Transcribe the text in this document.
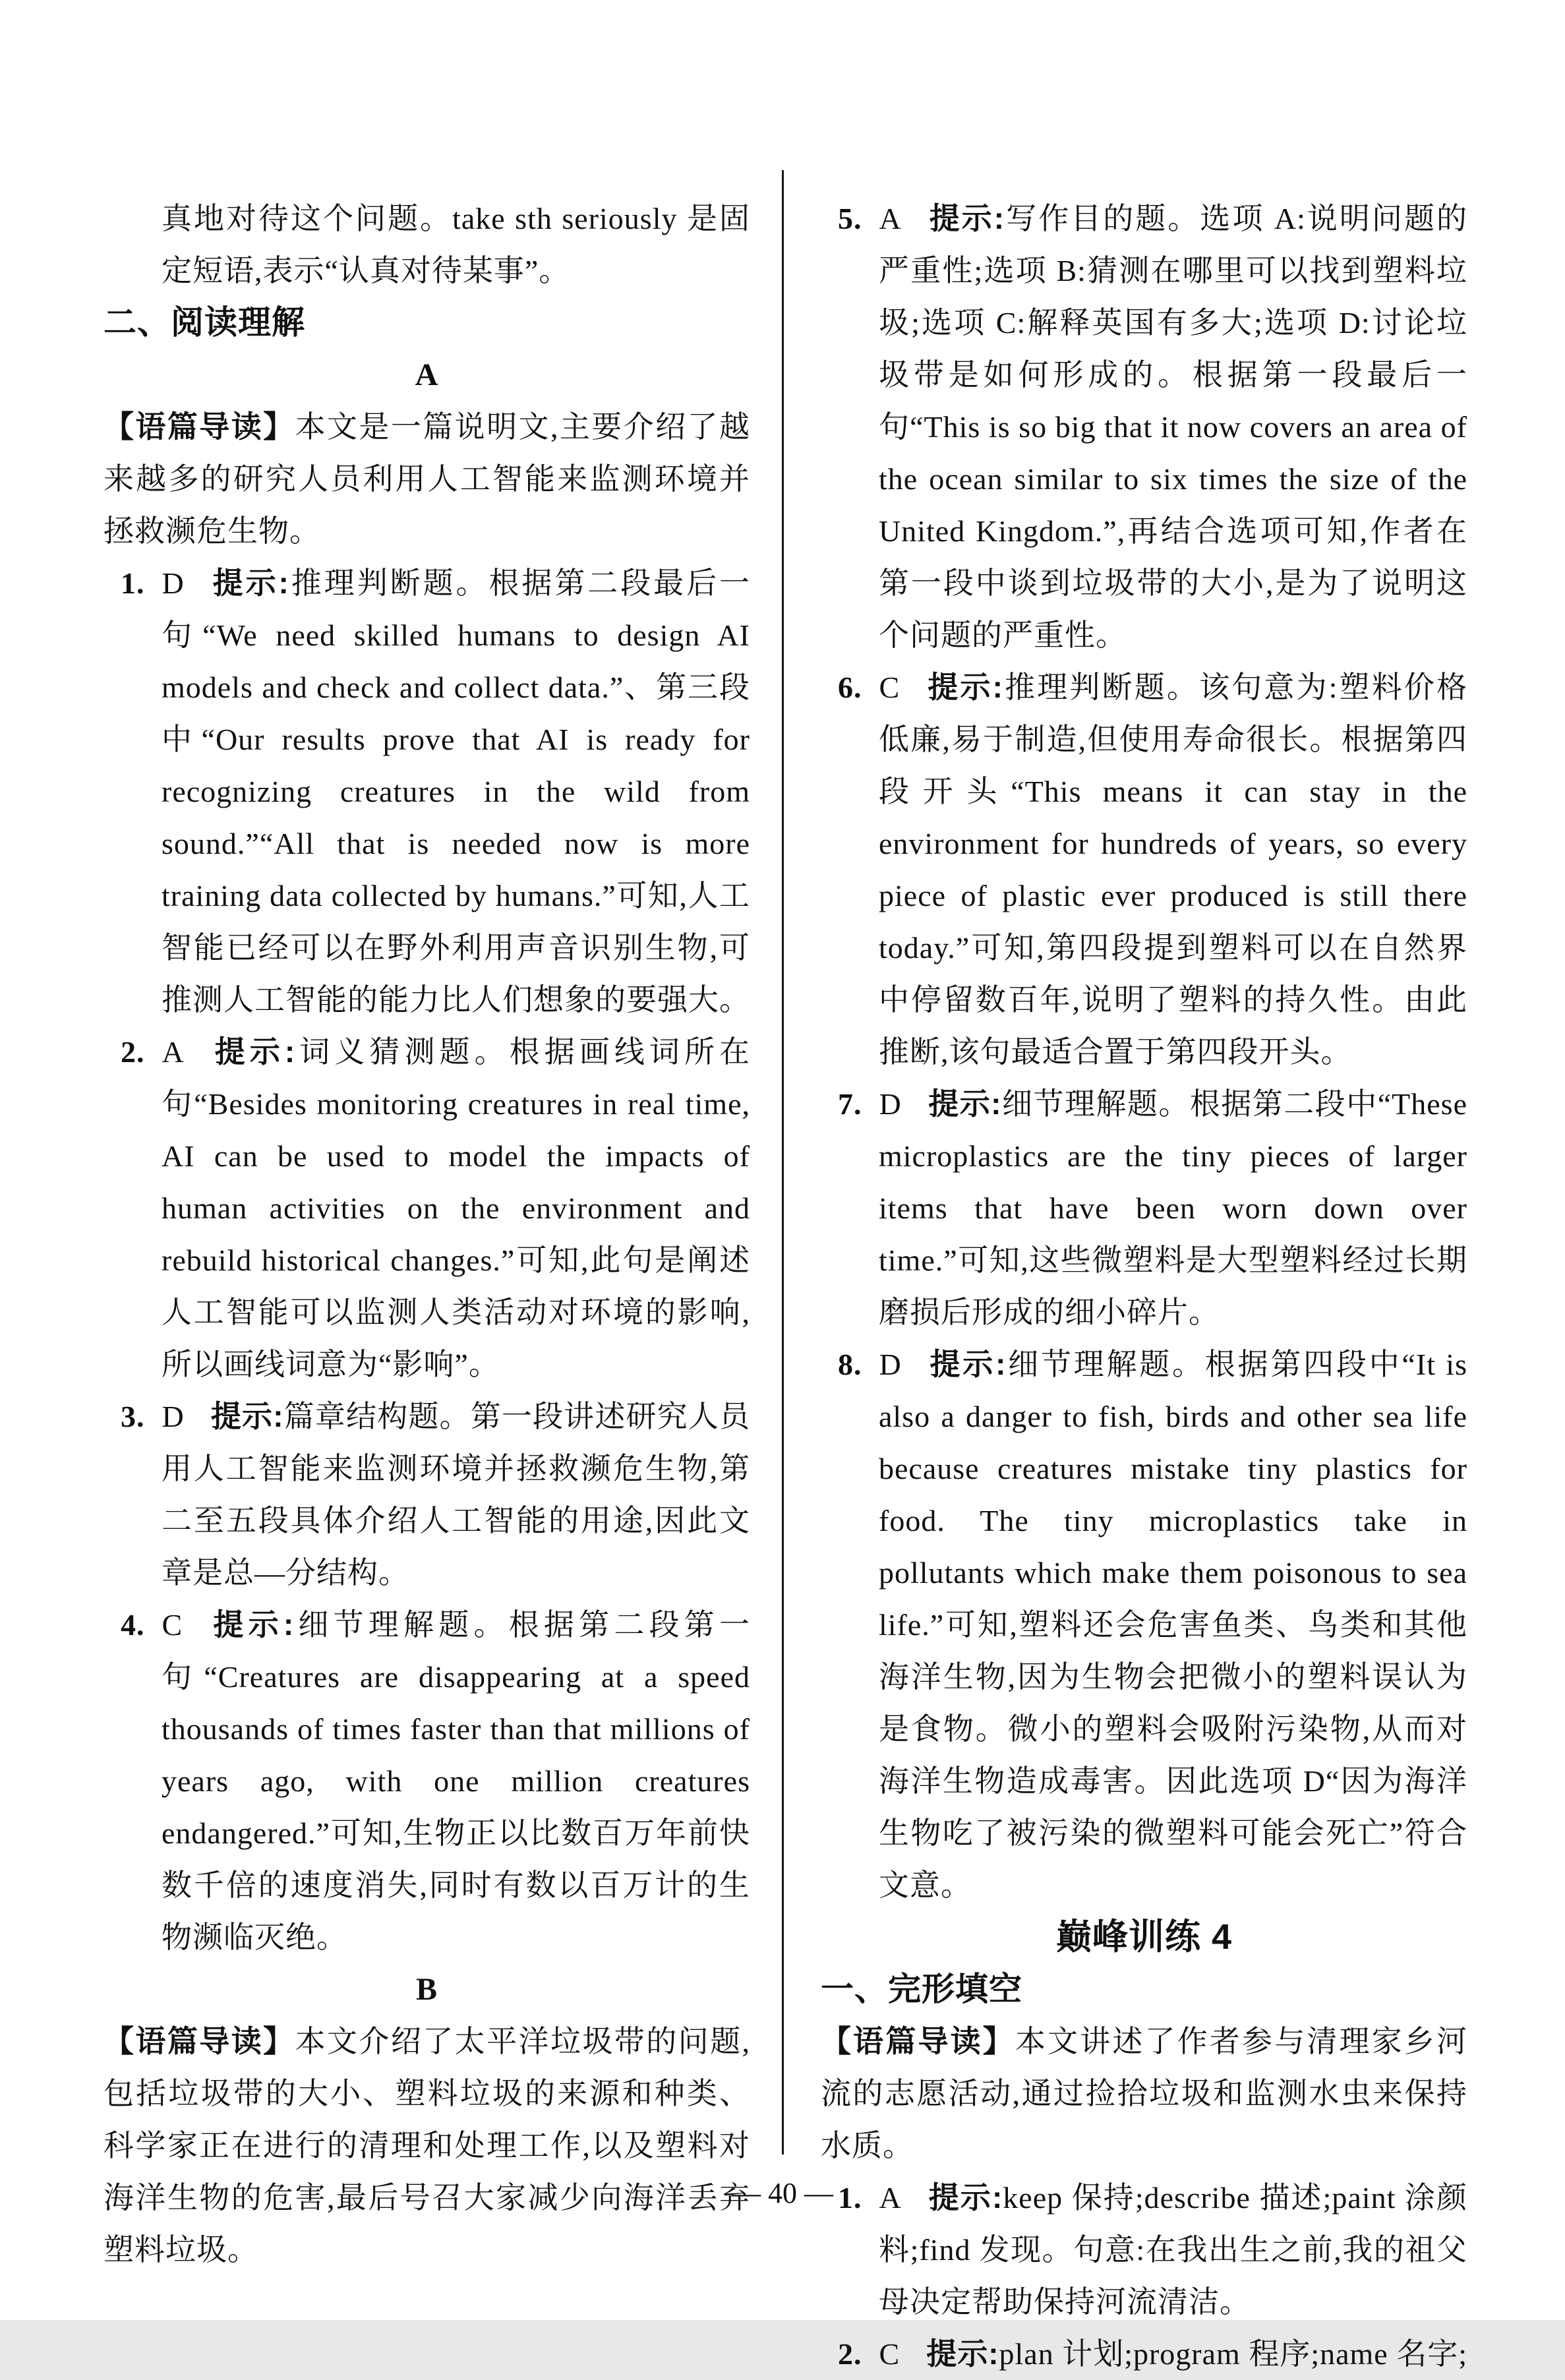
真地对待这个问题。take sth seriously 是固定短语,表示“认真对待某事”。
二、阅读理解
A

【语篇导读】本文是一篇说明文,主要介绍了越来越多的研究人员利用人工智能来监测环境并拯救濒危生物。

1. D 提示:推理判断题。根据第二段最后一句“We need skilled humans to design AI models and check and collect data.”、第三段中“Our results prove that AI is ready for recognizing creatures in the wild from sound.”“All that is needed now is more training data collected by humans.”可知,人工智能已经可以在野外利用声音识别生物,可推测人工智能的能力比人们想象的要强大。
2. A 提示:词义猜测题。根据画线词所在句“Besides monitoring creatures in real time, AI can be used to model the impacts of human activities on the environment and rebuild historical changes.”可知,此句是阐述人工智能可以监测人类活动对环境的影响,所以画线词意为“影响”。
3. D 提示:篇章结构题。第一段讲述研究人员用人工智能来监测环境并拯救濒危生物,第二至五段具体介绍人工智能的用途,因此文章是总—分结构。
4. C 提示:细节理解题。根据第二段第一句“Creatures are disappearing at a speed thousands of times faster than that millions of years ago, with one million creatures endangered.”可知,生物正以比数百万年前快数千倍的速度消失,同时有数以百万计的生物濒临灭绝。
B

【语篇导读】本文介绍了太平洋垃圾带的问题,包括垃圾带的大小、塑料垃圾的来源和种类、科学家正在进行的清理和处理工作,以及塑料对海洋生物的危害,最后号召大家减少向海洋丢弃塑料垃圾。

5. A 提示:写作目的题。选项 A:说明问题的严重性;选项 B:猜测在哪里可以找到塑料垃圾;选项 C:解释英国有多大;选项 D:讨论垃圾带是如何形成的。根据第一段最后一句“This is so big that it now covers an area of the ocean similar to six times the size of the United Kingdom.”,再结合选项可知,作者在第一段中谈到垃圾带的大小,是为了说明这个问题的严重性。
6. C 提示:推理判断题。该句意为:塑料价格低廉,易于制造,但使用寿命很长。根据第四段开头“This means it can stay in the environment for hundreds of years, so every piece of plastic ever produced is still there today.”可知,第四段提到塑料可以在自然界中停留数百年,说明了塑料的持久性。由此推断,该句最适合置于第四段开头。
7. D 提示:细节理解题。根据第二段中“These microplastics are the tiny pieces of larger items that have been worn down over time.”可知,这些微塑料是大型塑料经过长期磨损后形成的细小碎片。
8. D 提示:细节理解题。根据第四段中“It is also a danger to fish, birds and other sea life because creatures mistake tiny plastics for food. The tiny microplastics take in pollutants which make them poisonous to sea life.”可知,塑料还会危害鱼类、鸟类和其他海洋生物,因为生物会把微小的塑料误认为是食物。微小的塑料会吸附污染物,从而对海洋生物造成毒害。因此选项 D“因为海洋生物吃了被污染的微塑料可能会死亡”符合文意。
巅峰训练 4
一、完形填空

【语篇导读】本文讲述了作者参与清理家乡河流的志愿活动,通过捡拾垃圾和监测水虫来保持水质。

1. A 提示:keep 保持;describe 描述;paint 涂颜料;find 发现。句意:在我出生之前,我的祖父母决定帮助保持河流清洁。
2. C 提示:plan 计划;program 程序;name 名字;
— 40 —
